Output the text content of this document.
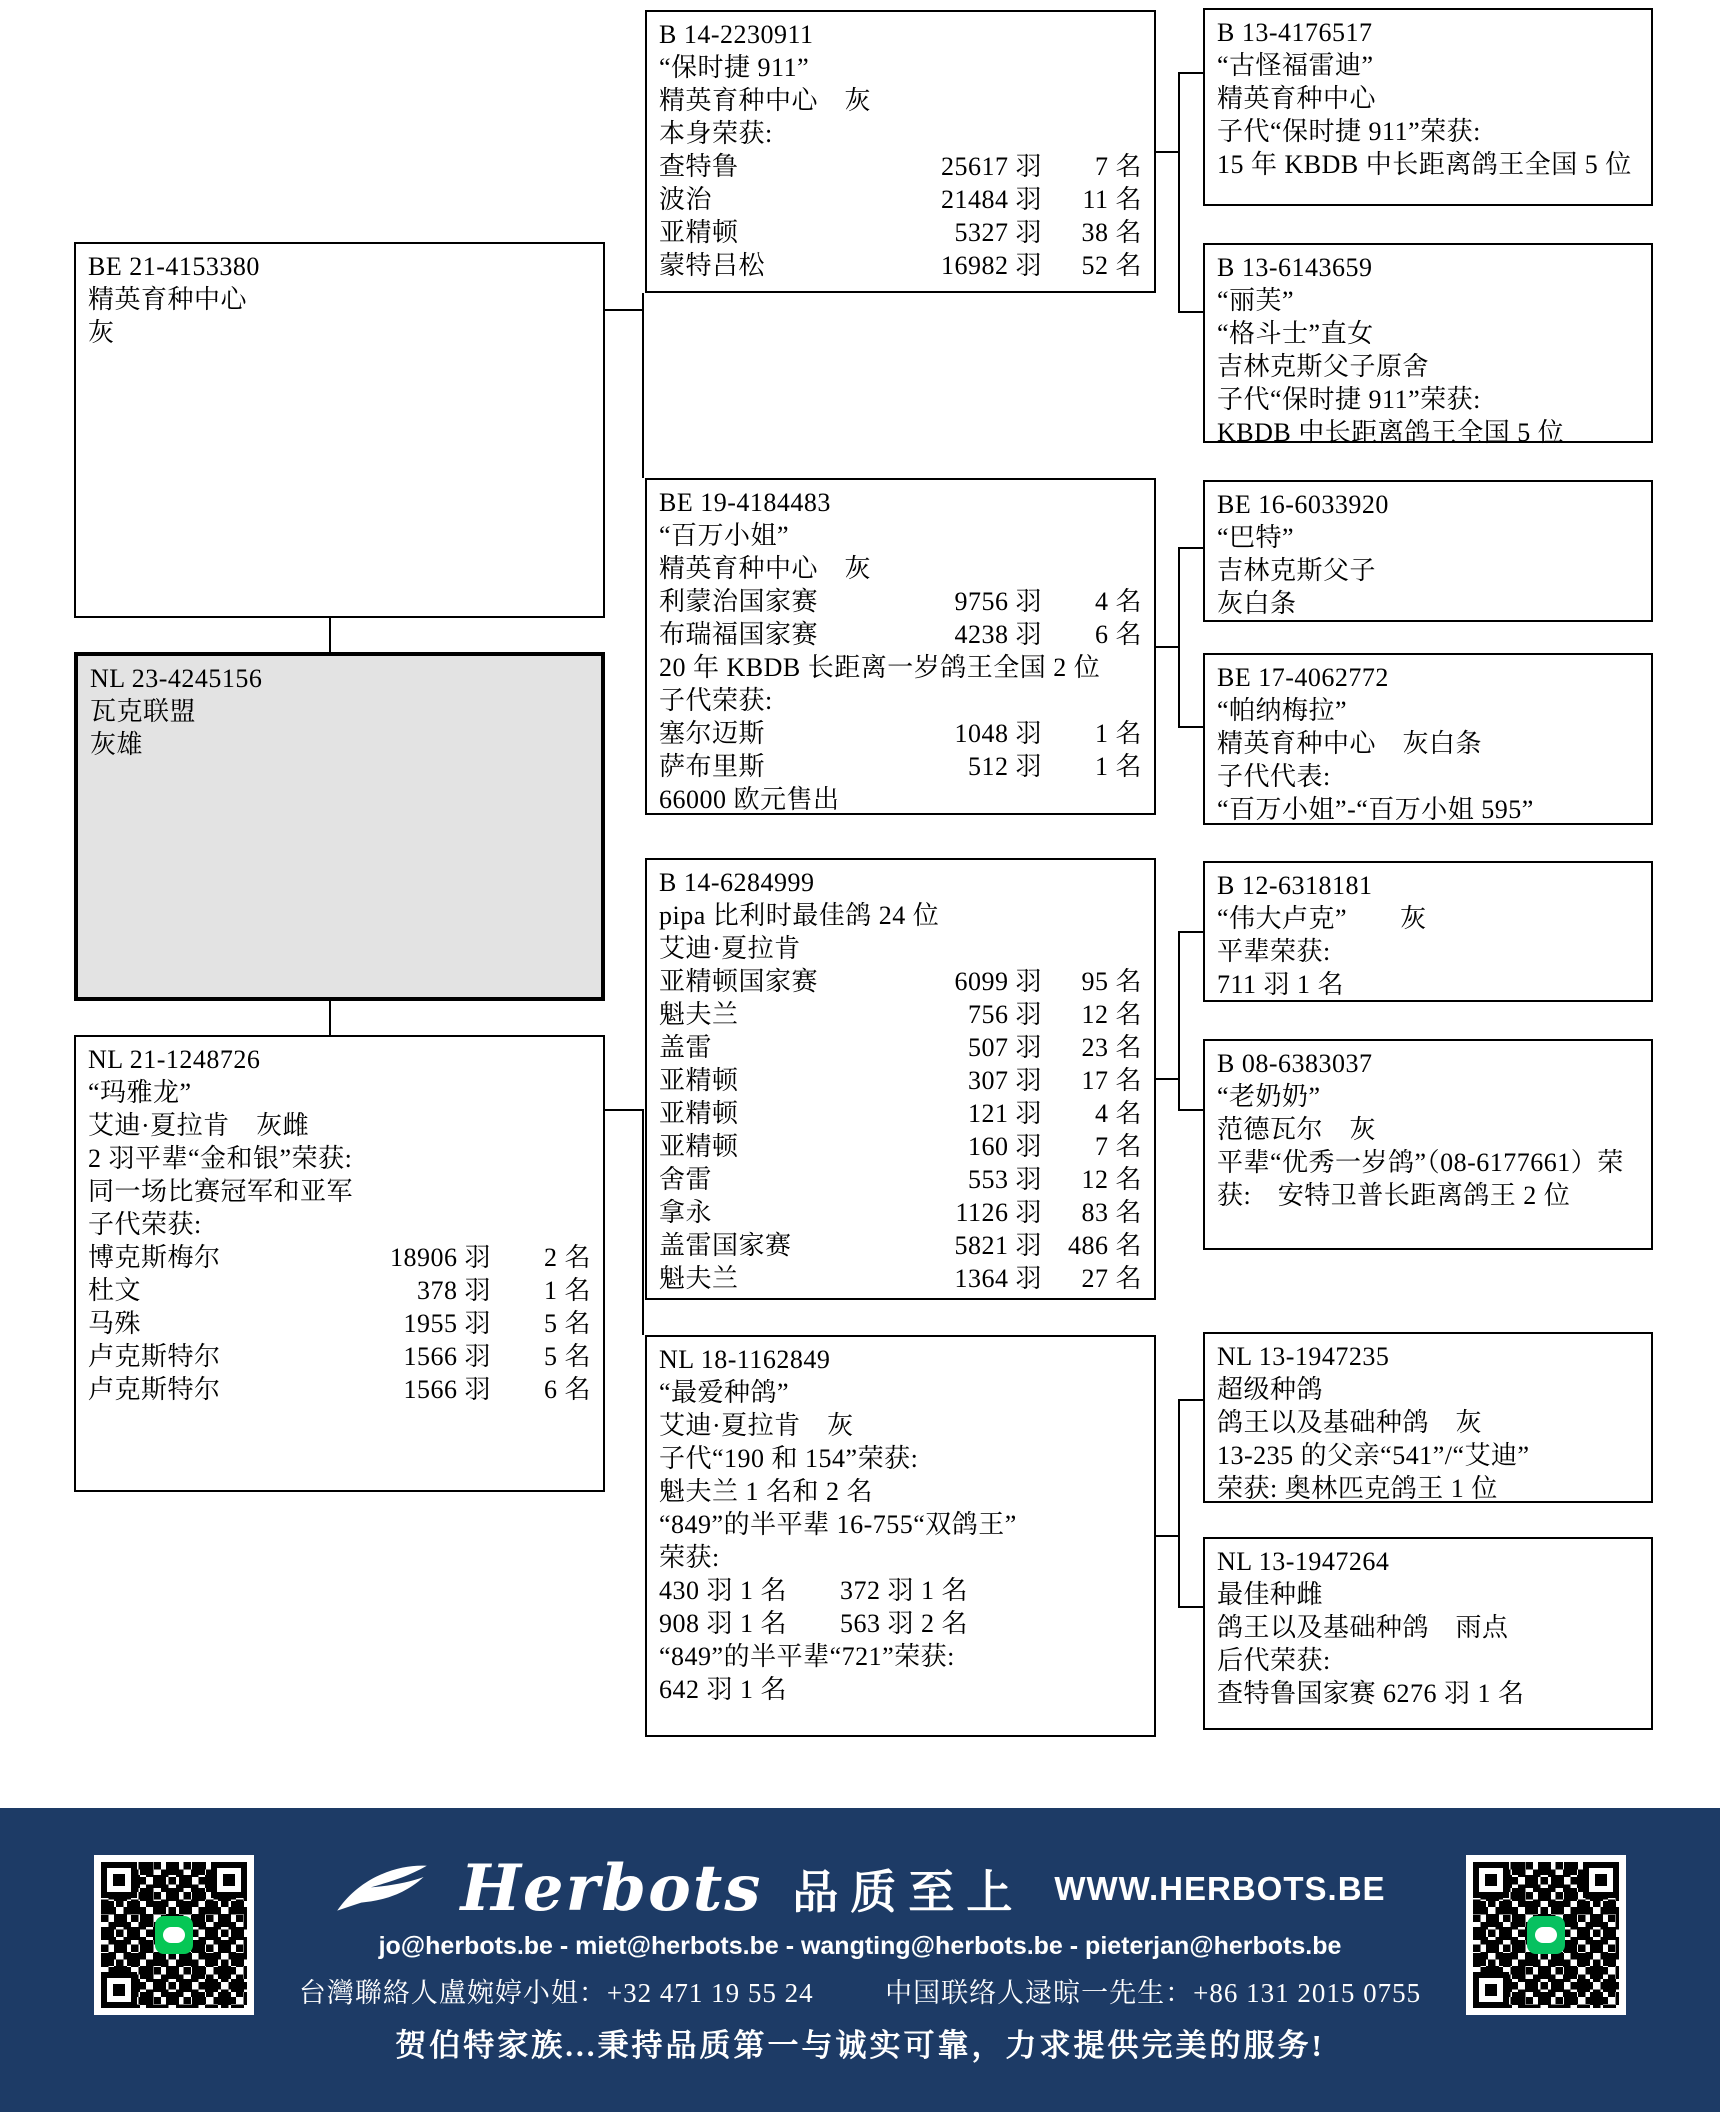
BE 21-4153380
精英育种中心
灰
NL 23-4245156
瓦克联盟
灰雄
NL 21-1248726
“玛雅龙”
艾迪·夏拉肯　灰雌
2 羽平辈“金和银”荣获:
同一场比赛冠军和亚军
子代荣获:
博克斯梅尔	18906 羽	2 名
杜文	378 羽	1 名
马殊	1955 羽	5 名
卢克斯特尔	1566 羽	5 名
卢克斯特尔	1566 羽	6 名
B 14-2230911
“保时捷 911”
精英育种中心　灰
本身荣获:
查特鲁	25617 羽	7 名
波治	21484 羽	11 名
亚精顿	5327 羽	38 名
蒙特吕松	16982 羽	52 名
BE 19-4184483
“百万小姐”
精英育种中心　灰
利蒙治国家赛	9756 羽	4 名
布瑞福国家赛	4238 羽	6 名
20 年 KBDB 长距离一岁鸽王全国 2 位
子代荣获:
塞尔迈斯	1048 羽	1 名
萨布里斯	512 羽	1 名
66000 欧元售出
B 14-6284999
pipa 比利时最佳鸽 24 位
艾迪·夏拉肯
亚精顿国家赛	6099 羽	95 名
魁夫兰	756 羽	12 名
盖雷	507 羽	23 名
亚精顿	307 羽	17 名
亚精顿	121 羽	4 名
亚精顿	160 羽	7 名
舍雷	553 羽	12 名
拿永	1126 羽	83 名
盖雷国家赛	5821 羽 486 名
魁夫兰	1364 羽	27 名
NL 18-1162849
“最爱种鸽”
艾迪·夏拉肯　灰
子代“190 和 154”荣获:
魁夫兰 1 名和 2 名
“849”的半平辈 16-755“双鸽王”
荣获:
430 羽 1 名　　372 羽 1 名
908 羽 1 名　　563 羽 2 名
“849”的半平辈“721”荣获:
642 羽 1 名
B 13-4176517
“古怪福雷迪”
精英育种中心
子代“保时捷 911”荣获:
15 年 KBDB 中长距离鸽王全国 5 位
B 13-6143659
“丽芙”
“格斗士”直女
吉林克斯父子原舍
子代“保时捷 911”荣获:
KBDB 中长距离鸽王全国 5 位
BE 16-6033920
“巴特”
吉林克斯父子
灰白条
BE 17-4062772
“帕纳梅拉”
精英育种中心　灰白条
子代代表:
“百万小姐”-“百万小姐 595”
B 12-6318181
“伟大卢克”　　灰
平辈荣获:
711 羽 1 名
B 08-6383037
“老奶奶”
范德瓦尔　灰
平辈“优秀一岁鸽”（08-6177661）荣获:　安特卫普长距离鸽王 2 位
NL 13-1947235
超级种鸽
鸽王以及基础种鸽　灰
13-235 的父亲“541”/“艾迪”
荣获: 奥林匹克鸽王 1 位
NL 13-1947264
最佳种雌
鸽王以及基础种鸽　雨点
后代荣获:
查特鲁国家赛 6276 羽 1 名
Herbots 品质至上 WWW.HERBOTS.BE
jo@herbots.be - miet@herbots.be - wangting@herbots.be - pieterjan@herbots.be
台灣聯絡人盧婉婷小姐：+32 471 19 55 24 　　	中国联络人逯晾一先生：+86 131 2015 0755
贺伯特家族...秉持品质第一与诚实可靠，力求提供完美的服务!
